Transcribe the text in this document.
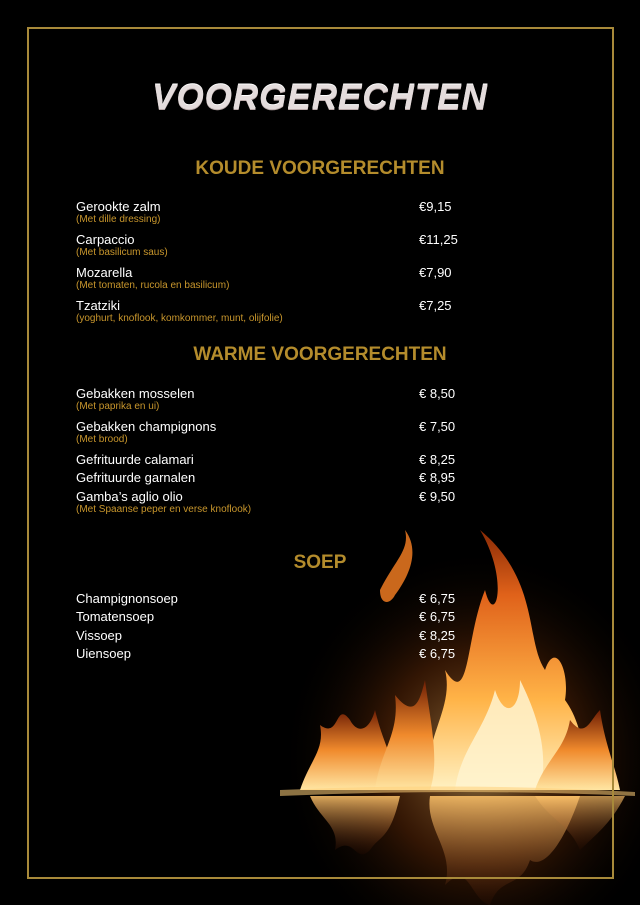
VOORGERECHTEN
KOUDE VOORGERECHTEN
Gerookte zalm	€9,15
(Met dille dressing)
Carpaccio	€11,25
(Met basilicum saus)
Mozarella	€7,90
(Met tomaten, rucola en basilicum)
Tzatziki	€7,25
(yoghurt, knoflook, komkommer, munt, olijfolie)
WARME VOORGERECHTEN
Gebakken mosselen	€ 8,50
(Met paprika en ui)
Gebakken champignons	€ 7,50
(Met brood)
Gefrituurde calamari	€ 8,25
Gefrituurde garnalen	€ 8,95
Gamba’s aglio olio	€ 9,50
(Met Spaanse peper en verse knoflook)
SOEP
Champignonsoep	€ 6,75
Tomatensoep	€ 6,75
Vissoep	€ 8,25
Uiensoep	€ 6,75
